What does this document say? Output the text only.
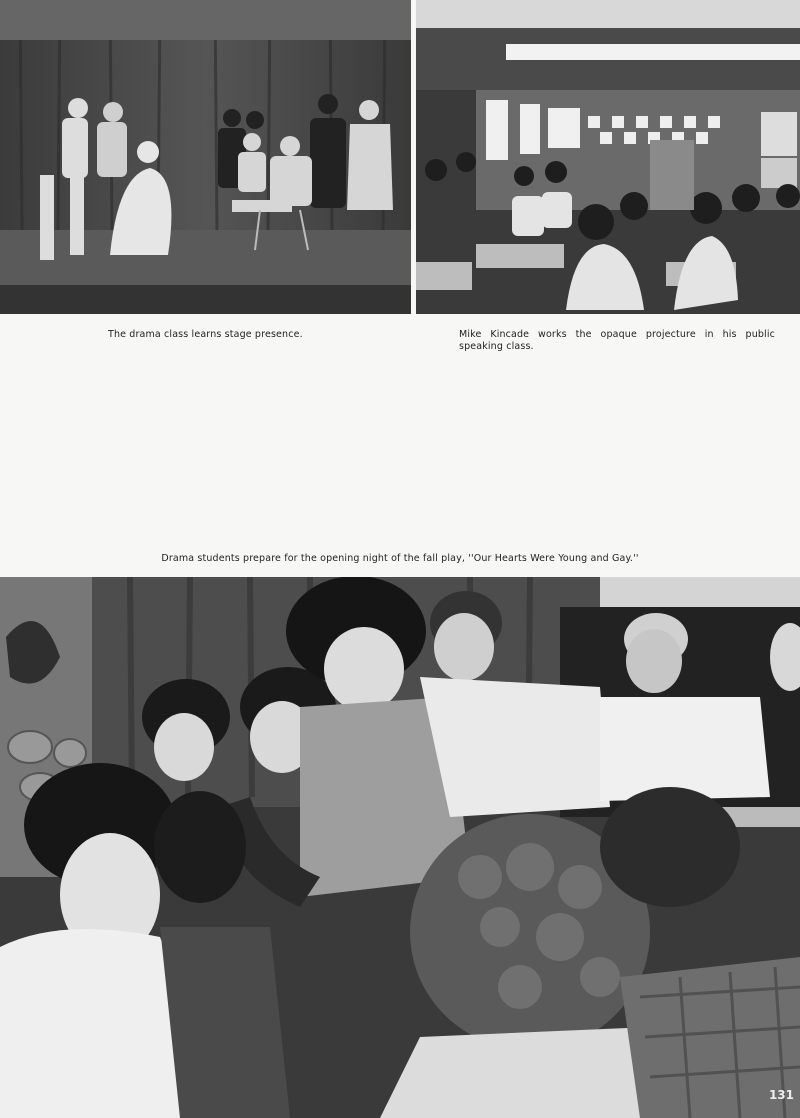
The drama class learns stage presence.	Mike Kincade works the opaque projecture in his public speaking class.
Drama students prepare for the opening night of the fall play, ''Our Hearts Were Young and Gay.''
131
